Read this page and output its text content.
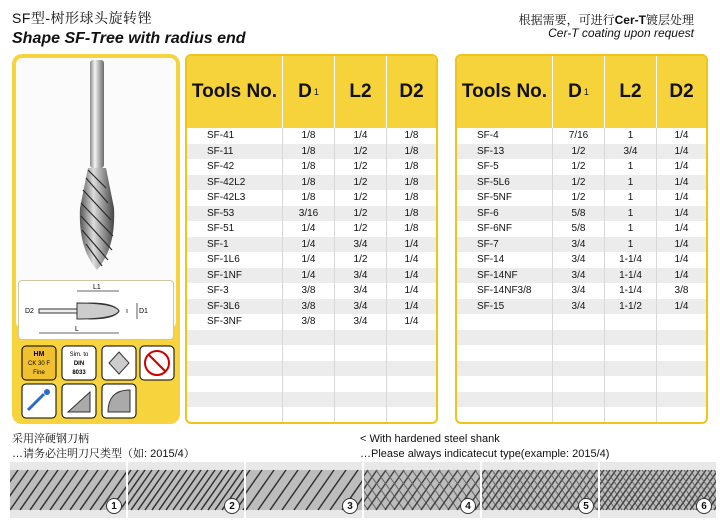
SF型-树形球头旋转锉
Shape SF-Tree with radius end
根据需要，可进行Cer-T镀层处理
Cer-T coating upon request
L1
L
D1
D2
HM
CK 30 F
Fine
Sim. to
DIN
8033
Tools No.	D 1	L2	D2
SF-41	1/8	1/4	1/8
SF-11	1/8	1/2	1/8
SF-42	1/8	1/2	1/8
SF-42L2	1/8	1/2	1/8
SF-42L3	1/8	1/2	1/8
SF-53	3/16	1/2	1/8
SF-51	1/4	1/2	1/8
SF-1	1/4	3/4	1/4
SF-1L6	1/4	1/2	1/4
SF-1NF	1/4	3/4	1/4
SF-3	3/8	3/4	1/4
SF-3L6	3/8	3/4	1/4
SF-3NF	3/8	3/4	1/4
Tools No.	D 1	L2	D2
SF-4	7/16	1	1/4
SF-13	1/2	3/4	1/4
SF-5	1/2	1	1/4
SF-5L6	1/2	1	1/4
SF-5NF	1/2	1	1/4
SF-6	5/8	1	1/4
SF-6NF	5/8	1	1/4
SF-7	3/4	1	1/4
SF-14	3/4	1-1/4	1/4
SF-14NF	3/4	1-1/4	1/4
SF-14NF3/8	3/4	1-1/4	3/8
SF-15	3/4	1-1/2	1/4
采用淬硬钢刀柄
…请务必注明刀尺类型（如: 2015/4）
< With hardened steel shank
…Please always indicatecut type(example: 2015/4)
1	2	3	4	5	6
